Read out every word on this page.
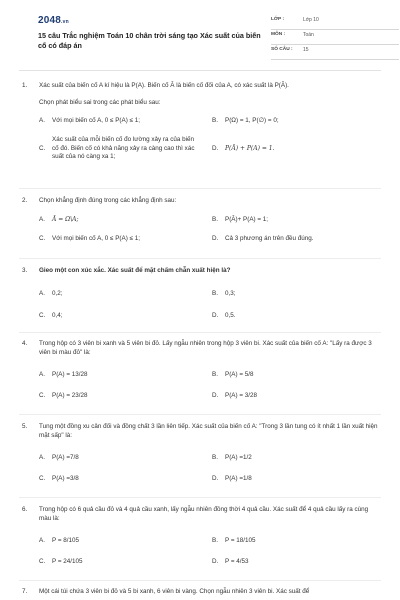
2048.vn
15 câu Trắc nghiệm Toán 10 chân trời sáng tạo Xác suất của biến cố có đáp án
LỚP :	Lớp 10
MÔN :	Toán
SỐ CÂU : 15
1. Xác suất của biến cố A kí hiệu là P(A). Biến cố Ā là biến cố đối của A, có xác suất là P(Ā).
Chọn phát biểu sai trong các phát biểu sau:
A. Với mọi biến cố A, 0 ≤ P(A) ≤ 1;	B. P(Ω) = 1, P(∅) = 0;
C.
Xác suất của mỗi biến cố đo lường xảy ra của biến cố đó. Biến cố có khả năng xảy ra càng cao thì xác suất của nó càng xa 1;
D. P(Ā) + P(A) = 1.
2. Chọn khẳng định đúng trong các khẳng định sau:
A. Ā = Ω\A;	B. P(Ā)+ P(A) = 1;
C. Với mọi biến cố A, 0 ≤ P(A) ≤ 1;	D. Cả 3 phương án trên đều đúng.
3. Gieo một con xúc xắc. Xác suất để mặt chấm chẵn xuất hiện là?
A. 0,2;	B. 0,3;
C. 0,4;	D. 0,5.
4. Trong hộp có 3 viên bi xanh và 5 viên bi đỏ. Lấy ngẫu nhiên trong hộp 3 viên bi. Xác suất của biến cố A: "Lấy ra được 3 viên bi màu đỏ" là:
A. P(A) = 13/28	B. P(A) = 5/8
C. P(A) = 23/28	D. P(A) = 3/28
5. Tung một đồng xu cân đối và đồng chất 3 lần liên tiếp. Xác suất của biến cố A: "Trong 3 lần tung có ít nhất 1 lần xuất hiện mặt sấp" là:
A. P(A) =7/8	B. P(A) =1/2
C. P(A) =3/8	D. P(A) =1/8
6. Trong hộp có 6 quả cầu đỏ và 4 quả cầu xanh, lấy ngẫu nhiên đồng thời 4 quả cầu. Xác suất để 4 quả cầu lấy ra cùng màu là:
A. P = 8/105	B. P = 18/105
C. P = 24/105	D. P = 4/53
7. Một cái túi chứa 3 viên bi đỏ và 5 bi xanh, 6 viên bi vàng. Chọn ngẫu nhiên 3 viên bi. Xác suất để
